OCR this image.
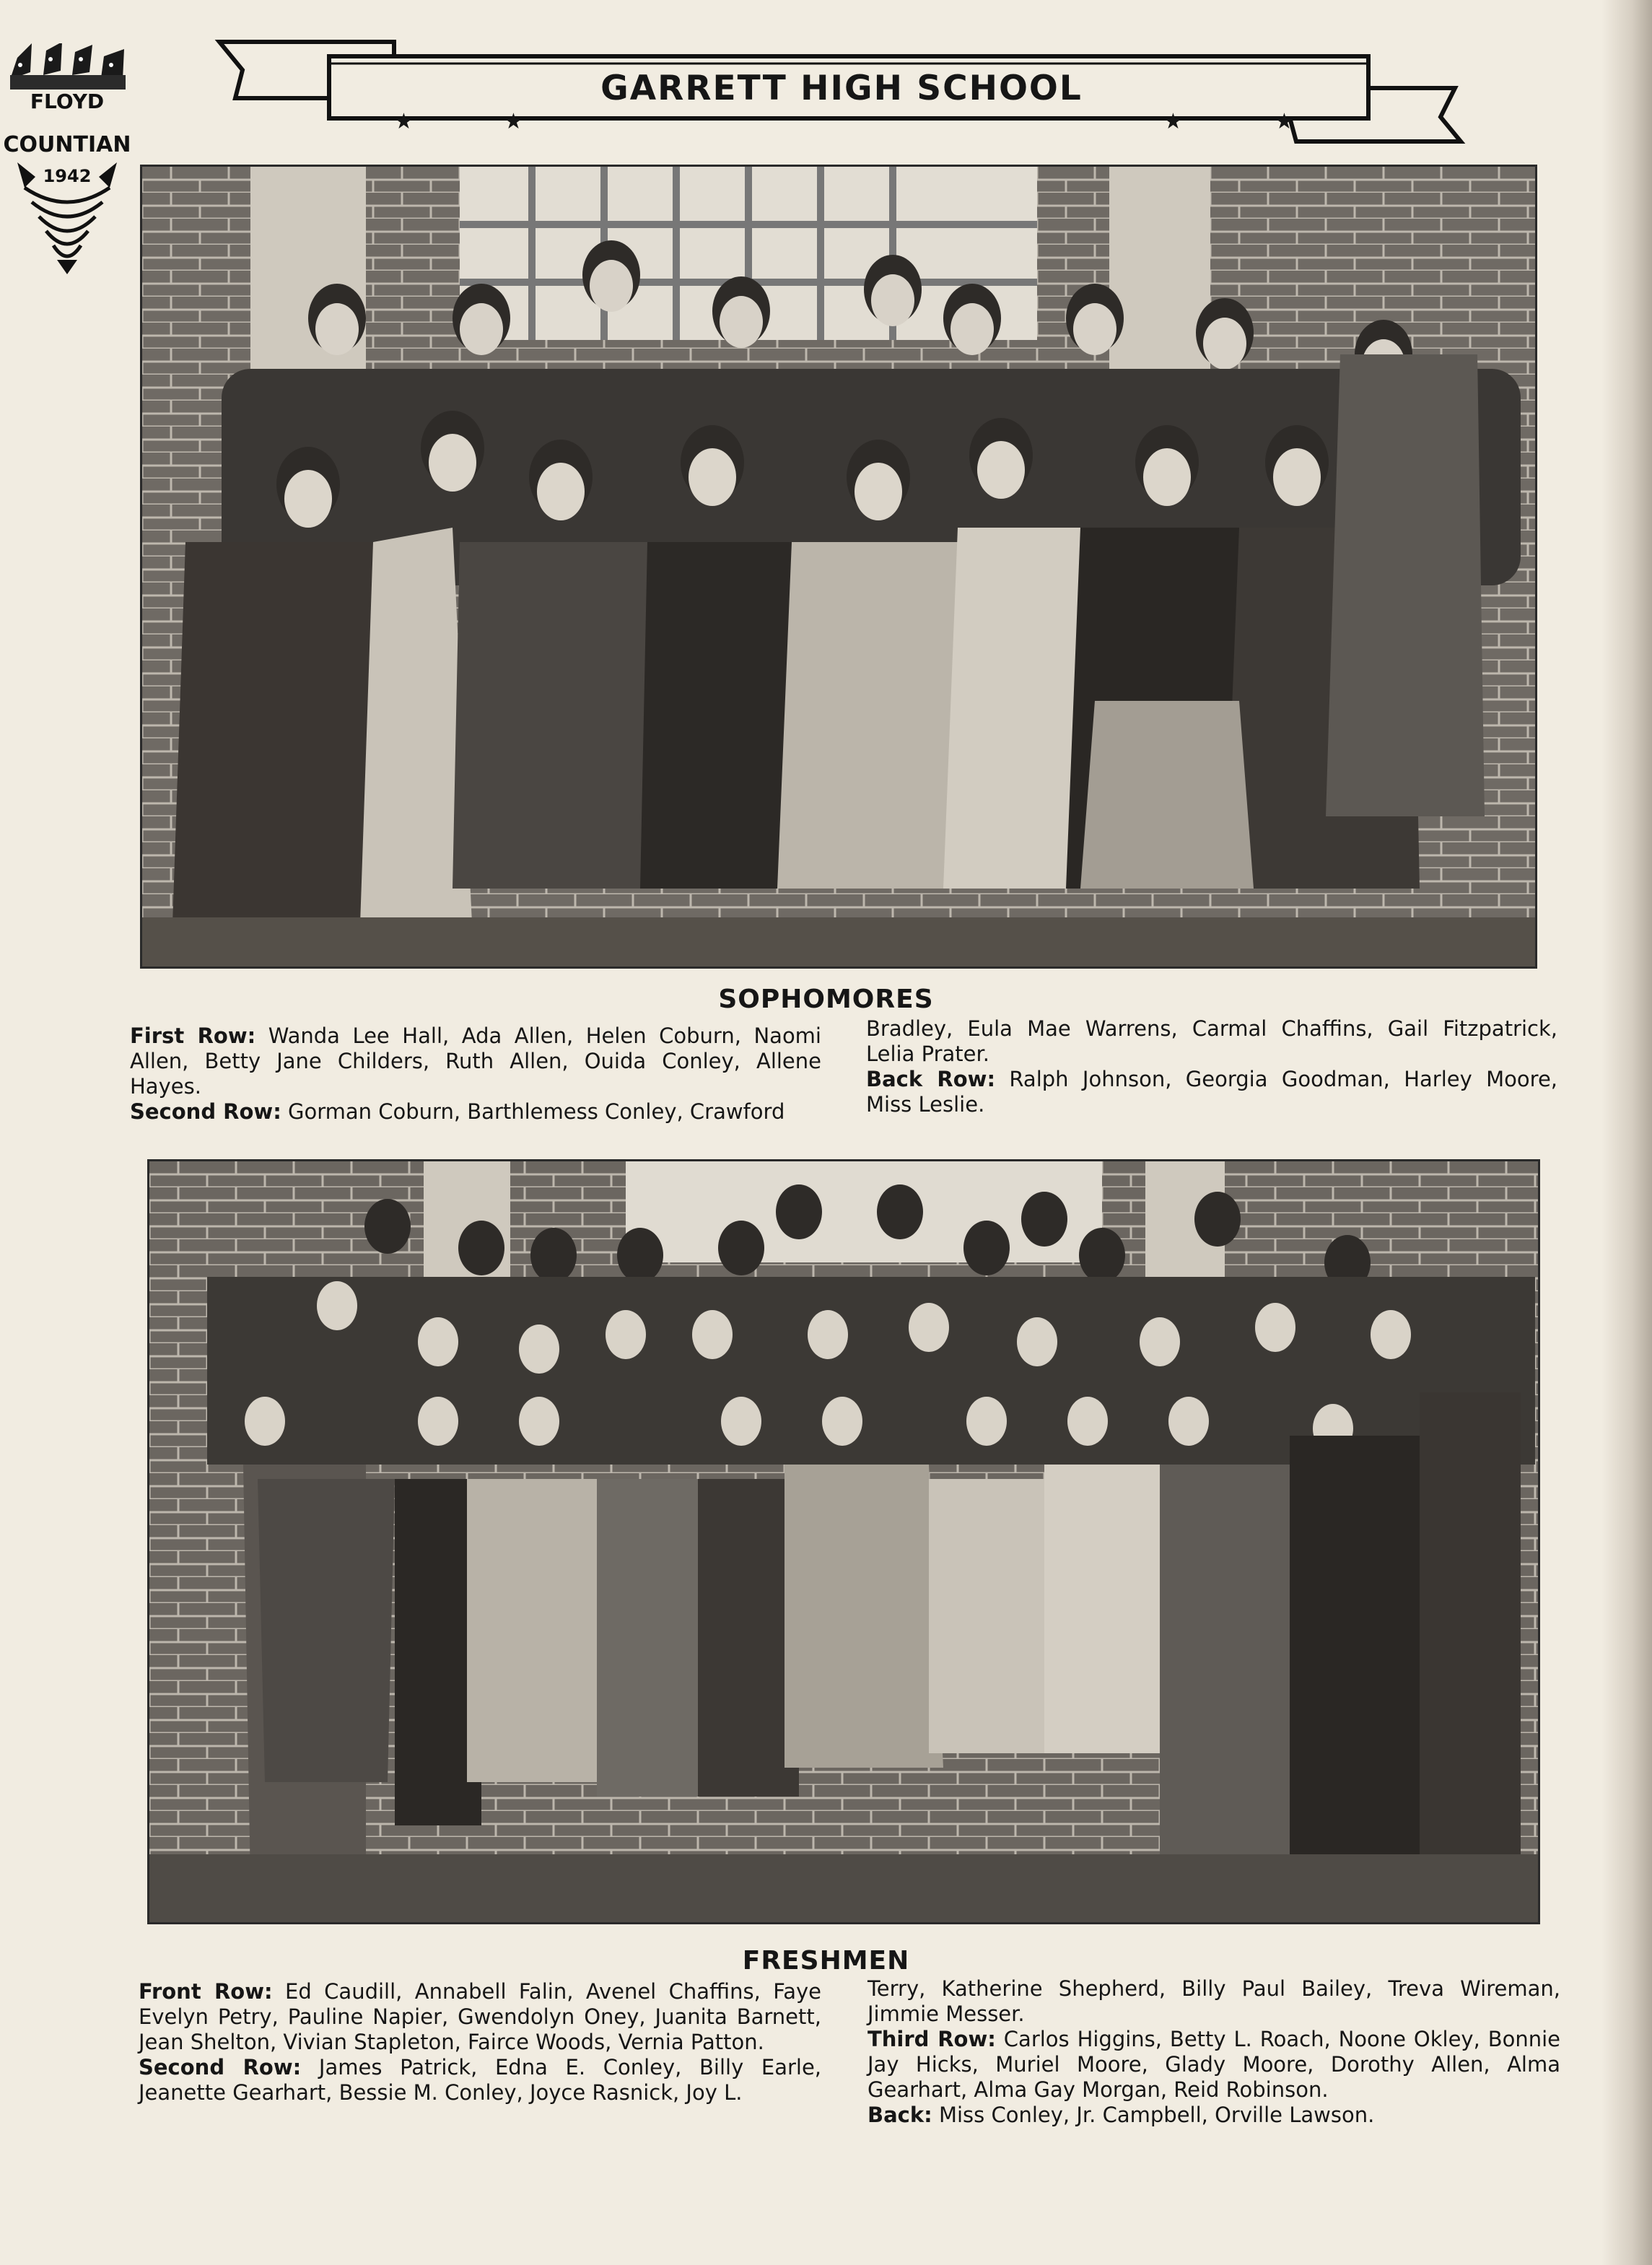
FLOYD
COUNTIAN
1942
★	★	★	★
GARRETT HIGH SCHOOL
SOPHOMORES

First Row: Wanda Lee Hall, Ada Allen, Helen Coburn, Naomi Allen, Betty Jane Childers, Ruth Allen, Ouida Conley, Allene Hayes.

Second Row: Gorman Coburn, Barthlemess Conley, Crawford

Bradley, Eula Mae Warrens, Carmal Chaffins, Gail Fitzpatrick, Lelia Prater.

Back Row: Ralph Johnson, Georgia Goodman, Harley Moore, Miss Leslie.

FRESHMEN

Front Row: Ed Caudill, Annabell Falin, Avenel Chaffins, Faye Evelyn Petry, Pauline Napier, Gwendolyn Oney, Juanita Barnett, Jean Shelton, Vivian Stapleton, Fairce Woods, Vernia Patton.

Second Row: James Patrick, Edna E. Conley, Billy Earle, Jeanette Gearhart, Bessie M. Conley, Joyce Rasnick, Joy L.

Terry, Katherine Shepherd, Billy Paul Bailey, Treva Wireman, Jimmie Messer.

Third Row: Carlos Higgins, Betty L. Roach, Noone Okley, Bonnie Jay Hicks, Muriel Moore, Glady Moore, Dorothy Allen, Alma Gearhart, Alma Gay Morgan, Reid Robinson.

Back: Miss Conley, Jr. Campbell, Orville Lawson.
